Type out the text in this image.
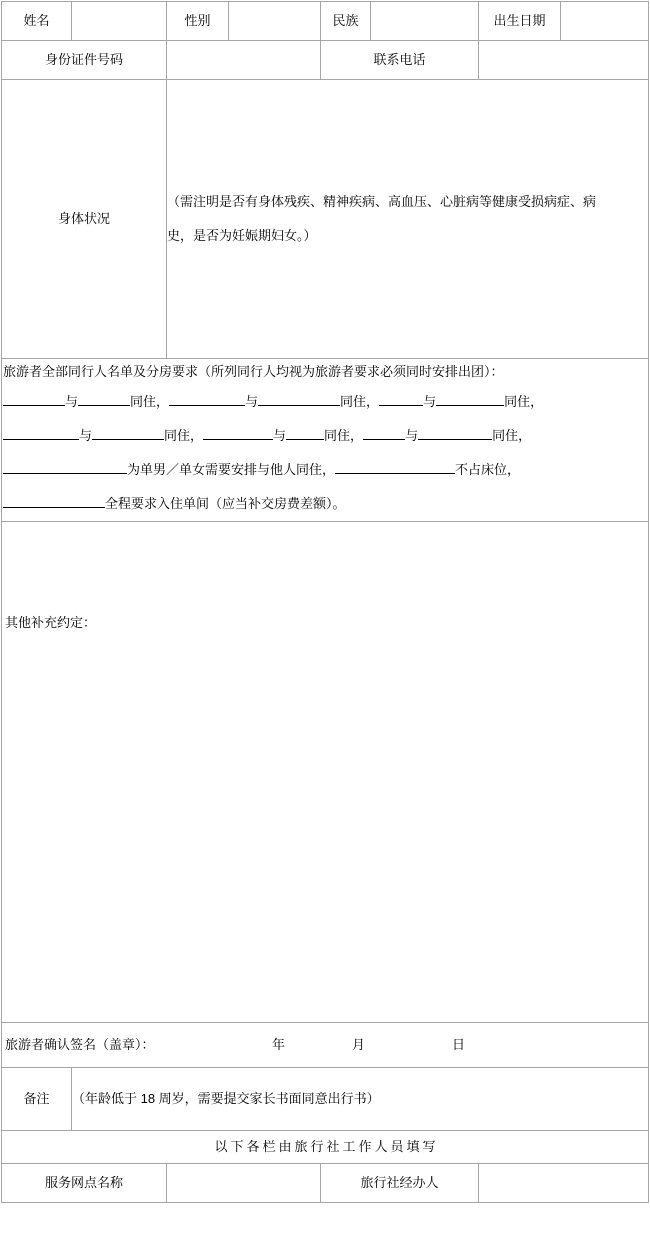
姓名		性别		民族		出生日期	
身份证件号码				联系电话			
身体状况		（需注明是否有身体残疾、精神疾病、高血压、心脏病等健康受损病症、病
史，是否为妊娠期妇女。）					

旅游者全部同行人名单及分房要求（所列同行人均视为旅游者要求必须同时安排出团）：
与 同住， 与 同住， 与 同住，
与 同住， 与 同住， 与 同住，
为单男／单女需要安排与他人同住， 不占床位，
全程要求入住单间（应当补交房费差额）。							

其他补充约定：							

旅游者确认签名（盖章）： 年 月 日							

备注	（年龄低于 18 周岁，需要提交家长书面同意出行书）						
以下各栏由旅行社工作人员填写							
服务网点名称				旅行社经办人			
